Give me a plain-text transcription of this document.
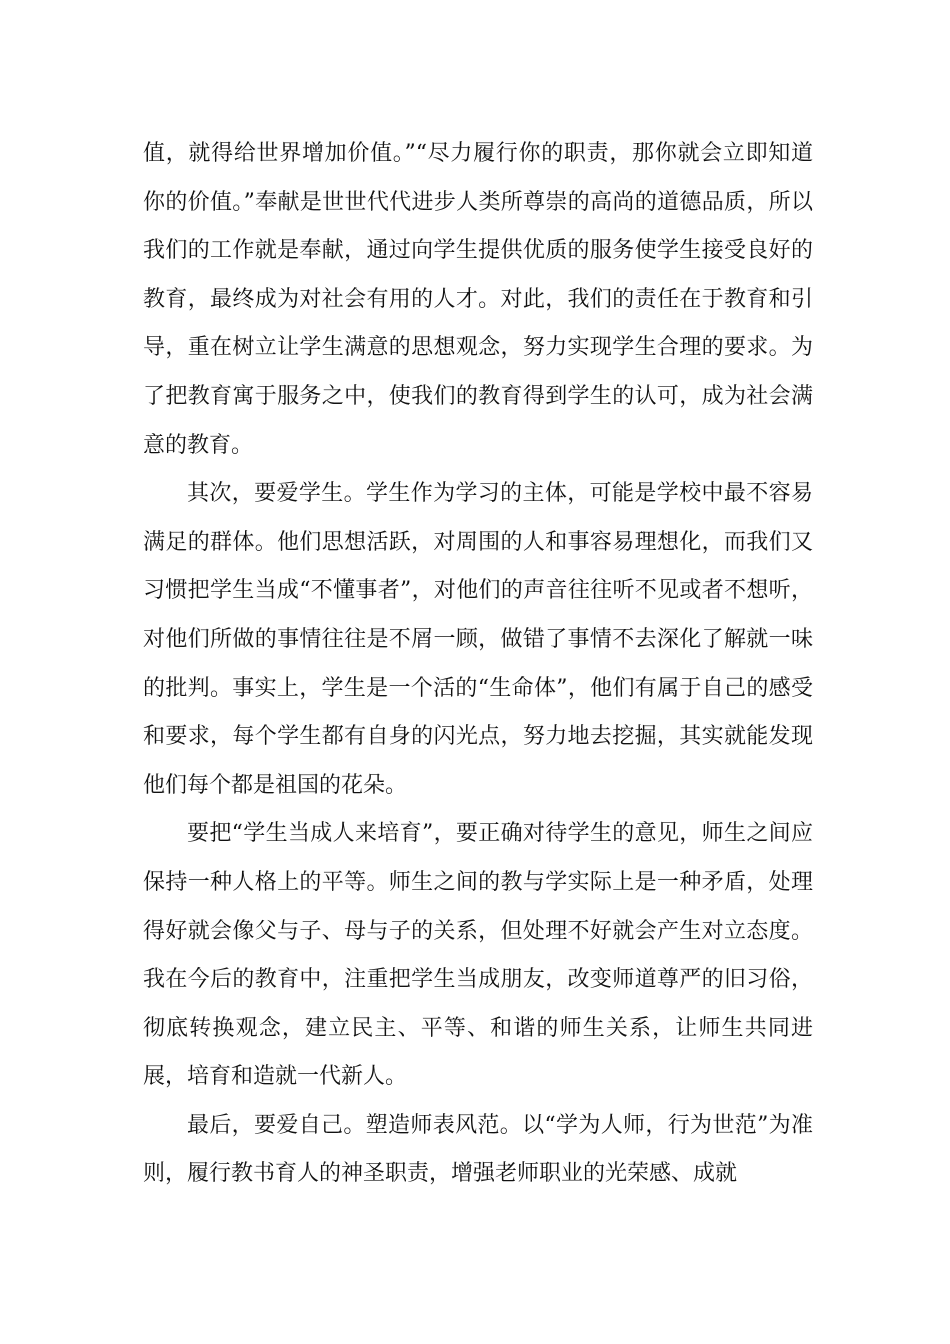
值，就得给世界增加价值。”“尽力履行你的职责，那你就会立即知道你的价值。”奉献是世世代代进步人类所尊崇的高尚的道德品质，所以我们的工作就是奉献，通过向学生提供优质的服务使学生接受良好的教育，最终成为对社会有用的人才。对此，我们的责任在于教育和引导，重在树立让学生满意的思想观念，努力实现学生合理的要求。为了把教育寓于服务之中，使我们的教育得到学生的认可，成为社会满意的教育。

其次，要爱学生。学生作为学习的主体，可能是学校中最不容易满足的群体。他们思想活跃，对周围的人和事容易理想化，而我们又习惯把学生当成“不懂事者”，对他们的声音往往听不见或者不想听，对他们所做的事情往往是不屑一顾，做错了事情不去深化了解就一味的批判。事实上，学生是一个活的“生命体”，他们有属于自己的感受和要求，每个学生都有自身的闪光点，努力地去挖掘，其实就能发现他们每个都是祖国的花朵。

要把“学生当成人来培育”，要正确对待学生的意见，师生之间应保持一种人格上的平等。师生之间的教与学实际上是一种矛盾，处理得好就会像父与子、母与子的关系，但处理不好就会产生对立态度。我在今后的教育中，注重把学生当成朋友，改变师道尊严的旧习俗，彻底转换观念，建立民主、平等、和谐的师生关系，让师生共同进展，培育和造就一代新人。

最后，要爱自己。塑造师表风范。以“学为人师，行为世范”为准则，履行教书育人的神圣职责，增强老师职业的光荣感、成就
